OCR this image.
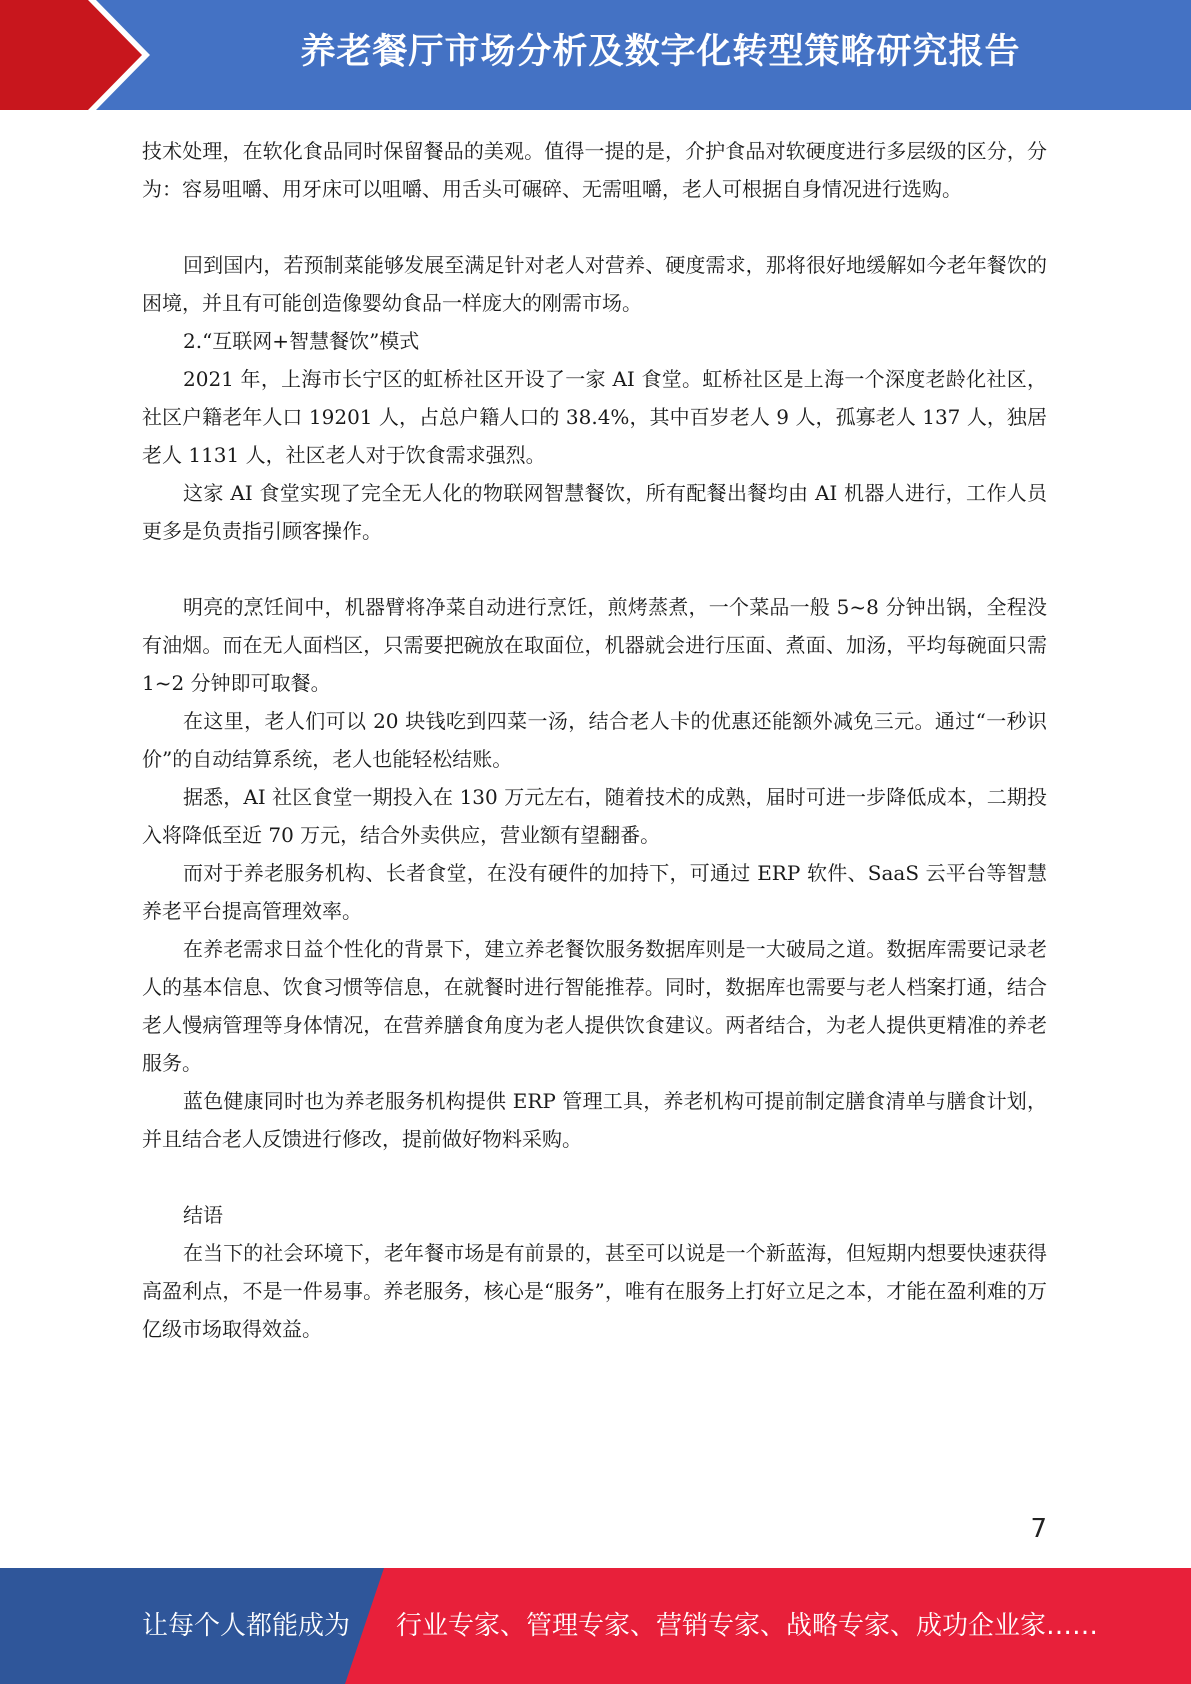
养老餐厅市场分析及数字化转型策略研究报告

技术处理，在软化食品同时保留餐品的美观。值得一提的是，介护食品对软硬度进行多层级的区分，分为：容易咀嚼、用牙床可以咀嚼、用舌头可碾碎、无需咀嚼，老人可根据自身情况进行选购。

回到国内，若预制菜能够发展至满足针对老人对营养、硬度需求，那将很好地缓解如今老年餐饮的困境，并且有可能创造像婴幼食品一样庞大的刚需市场。

2.“互联网+智慧餐饮”模式

2021 年，上海市长宁区的虹桥社区开设了一家 AI 食堂。虹桥社区是上海一个深度老龄化社区，社区户籍老年人口 19201 人，占总户籍人口的 38.4%，其中百岁老人 9 人，孤寡老人 137 人，独居老人 1131 人，社区老人对于饮食需求强烈。

这家 AI 食堂实现了完全无人化的物联网智慧餐饮，所有配餐出餐均由 AI 机器人进行，工作人员更多是负责指引顾客操作。

明亮的烹饪间中，机器臂将净菜自动进行烹饪，煎烤蒸煮，一个菜品一般 5~8 分钟出锅，全程没有油烟。而在无人面档区，只需要把碗放在取面位，机器就会进行压面、煮面、加汤，平均每碗面只需 1~2 分钟即可取餐。

在这里，老人们可以 20 块钱吃到四菜一汤，结合老人卡的优惠还能额外减免三元。通过“一秒识价”的自动结算系统，老人也能轻松结账。

据悉，AI 社区食堂一期投入在 130 万元左右，随着技术的成熟，届时可进一步降低成本，二期投入将降低至近 70 万元，结合外卖供应，营业额有望翻番。

而对于养老服务机构、长者食堂，在没有硬件的加持下，可通过 ERP 软件、SaaS 云平台等智慧养老平台提高管理效率。

在养老需求日益个性化的背景下，建立养老餐饮服务数据库则是一大破局之道。数据库需要记录老人的基本信息、饮食习惯等信息，在就餐时进行智能推荐。同时，数据库也需要与老人档案打通，结合老人慢病管理等身体情况，在营养膳食角度为老人提供饮食建议。两者结合，为老人提供更精准的养老服务。

蓝色健康同时也为养老服务机构提供 ERP 管理工具，养老机构可提前制定膳食清单与膳食计划，并且结合老人反馈进行修改，提前做好物料采购。

结语

在当下的社会环境下，老年餐市场是有前景的，甚至可以说是一个新蓝海，但短期内想要快速获得高盈利点，不是一件易事。养老服务，核心是“服务”，唯有在服务上打好立足之本，才能在盈利难的万亿级市场取得效益。

7
让每个人都能成为 行业专家、管理专家、营销专家、战略专家、成功企业家……
